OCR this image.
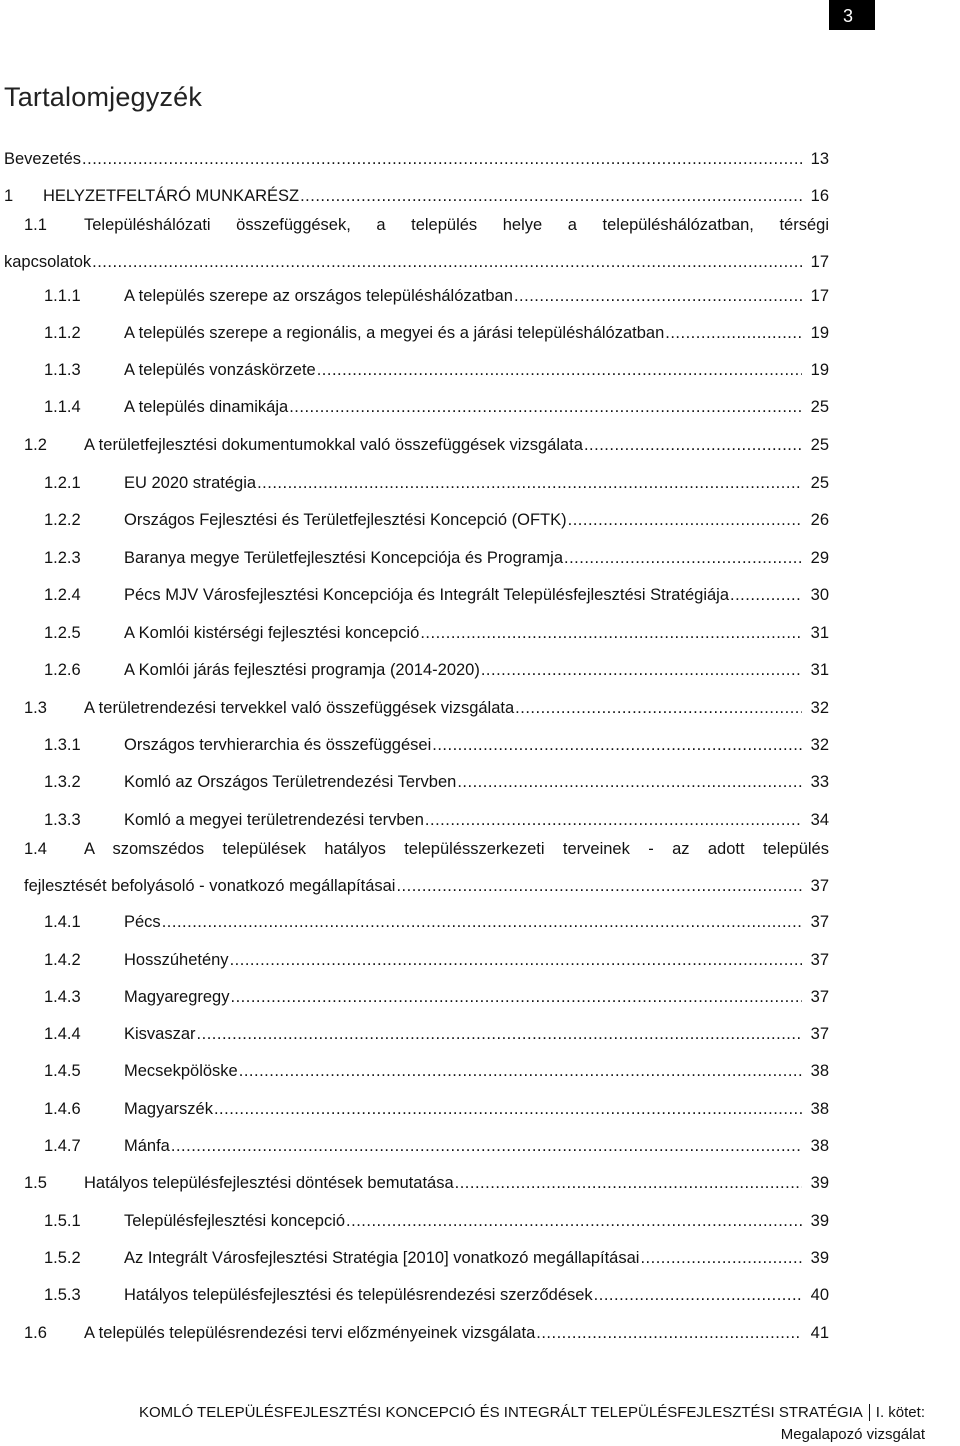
3
Tartalomjegyzék
Bevezetés .....	13
1	HELYZETFELTÁRÓ MUNKARÉSZ .....	16
1.1 Településhálózati összefüggések, a település helye a településhálózatban, térségi
kapcsolatok .....	17
1.1.1	A település szerepe az országos településhálózatban .....	17
1.1.2	A település szerepe a regionális, a megyei és a járási településhálózatban .....	19
1.1.3	A település vonzáskörzete .....	19
1.1.4	A település dinamikája .....	25
1.2	A területfejlesztési dokumentumokkal való összefüggések vizsgálata .....	25
1.2.1	EU 2020 stratégia .....	25
1.2.2	Országos Fejlesztési és Területfejlesztési Koncepció (OFTK) .....	26
1.2.3	Baranya megye Területfejlesztési Koncepciója és Programja .....	29
1.2.4	Pécs MJV Városfejlesztési Koncepciója és Integrált Településfejlesztési Stratégiája .....	30
1.2.5	A Komlói kistérségi fejlesztési koncepció .....	31
1.2.6	A Komlói járás fejlesztési programja (2014-2020) .....	31
1.3	A területrendezési tervekkel való összefüggések vizsgálata .....	32
1.3.1	Országos tervhierarchia és összefüggései .....	32
1.3.2	Komló az Országos Területrendezési Tervben .....	33
1.3.3	Komló a megyei területrendezési tervben .....	34
1.4 A szomszédos települések hatályos településszerkezeti terveinek - az adott település
fejlesztését befolyásoló - vonatkozó megállapításai .....	37
1.4.1	Pécs .....	37
1.4.2	Hosszúhetény .....	37
1.4.3	Magyaregregy .....	37
1.4.4	Kisvaszar .....	37
1.4.5	Mecsekpölöske .....	38
1.4.6	Magyarszék .....	38
1.4.7	Mánfa .....	38
1.5	Hatályos településfejlesztési döntések bemutatása .....	39
1.5.1	Településfejlesztési koncepció .....	39
1.5.2	Az Integrált Városfejlesztési Stratégia [2010] vonatkozó megállapításai .....	39
1.5.3	Hatályos településfejlesztési és településrendezési szerződések .....	40
1.6	A település településrendezési tervi előzményeinek vizsgálata .....	41
KOMLÓ TELEPÜLÉSFEJLESZTÉSI KONCEPCIÓ ÉS INTEGRÁLT TELEPÜLÉSFEJLESZTÉSI STRATÉGIA I. kötet:
Megalapozó vizsgálat
